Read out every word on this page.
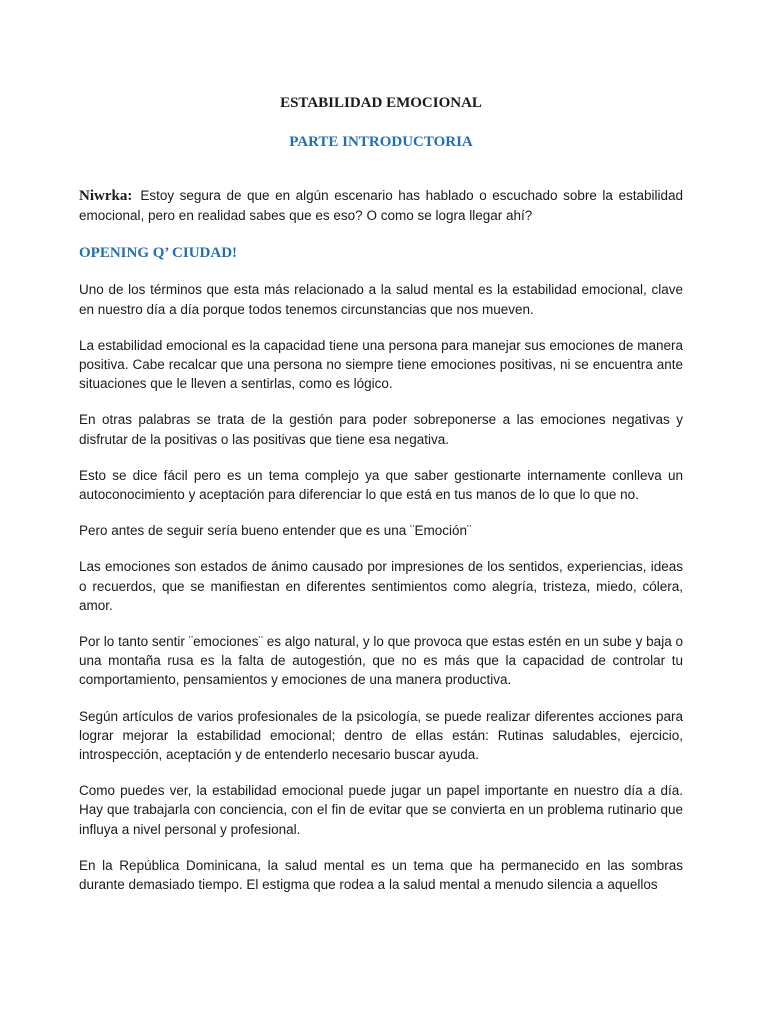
ESTABILIDAD EMOCIONAL
PARTE INTRODUCTORIA
Niwrka: Estoy segura de que en algún escenario has hablado o escuchado sobre la estabilidad emocional, pero en realidad sabes que es eso? O como se logra llegar ahí?
OPENING Q’ CIUDAD!

Uno de los términos que esta más relacionado a la salud mental es la estabilidad emocional, clave en nuestro día a día porque todos tenemos circunstancias que nos mueven.

La estabilidad emocional es la capacidad tiene una persona para manejar sus emociones de manera positiva. Cabe recalcar que una persona no siempre tiene emociones positivas, ni se encuentra ante situaciones que le lleven a sentirlas, como es lógico.

En otras palabras se trata de la gestión para poder sobreponerse a las emociones negativas y disfrutar de la positivas o las positivas que tiene esa negativa.

Esto se dice fácil pero es un tema complejo ya que saber gestionarte internamente conlleva un autoconocimiento y aceptación para diferenciar lo que está en tus manos de lo que lo que no.

Pero antes de seguir sería bueno entender que es una ¨Emoción¨

Las emociones son estados de ánimo causado por impresiones de los sentidos, experiencias, ideas o recuerdos, que se manifiestan en diferentes sentimientos como alegría, tristeza, miedo, cólera, amor.

Por lo tanto sentir ¨emociones¨ es algo natural, y lo que provoca que estas estén en un sube y baja o una montaña rusa es la falta de autogestión, que no es más que la capacidad de controlar tu comportamiento, pensamientos y emociones de una manera productiva.

Según artículos de varios profesionales de la psicología, se puede realizar diferentes acciones para lograr mejorar la estabilidad emocional; dentro de ellas están: Rutinas saludables, ejercicio, introspección, aceptación y de entenderlo necesario buscar ayuda.

Como puedes ver, la estabilidad emocional puede jugar un papel importante en nuestro día a día. Hay que trabajarla con conciencia, con el fin de evitar que se convierta en un problema rutinario que influya a nivel personal y profesional.

En la República Dominicana, la salud mental es un tema que ha permanecido en las sombras durante demasiado tiempo. El estigma que rodea a la salud mental a menudo silencia a aquellos
